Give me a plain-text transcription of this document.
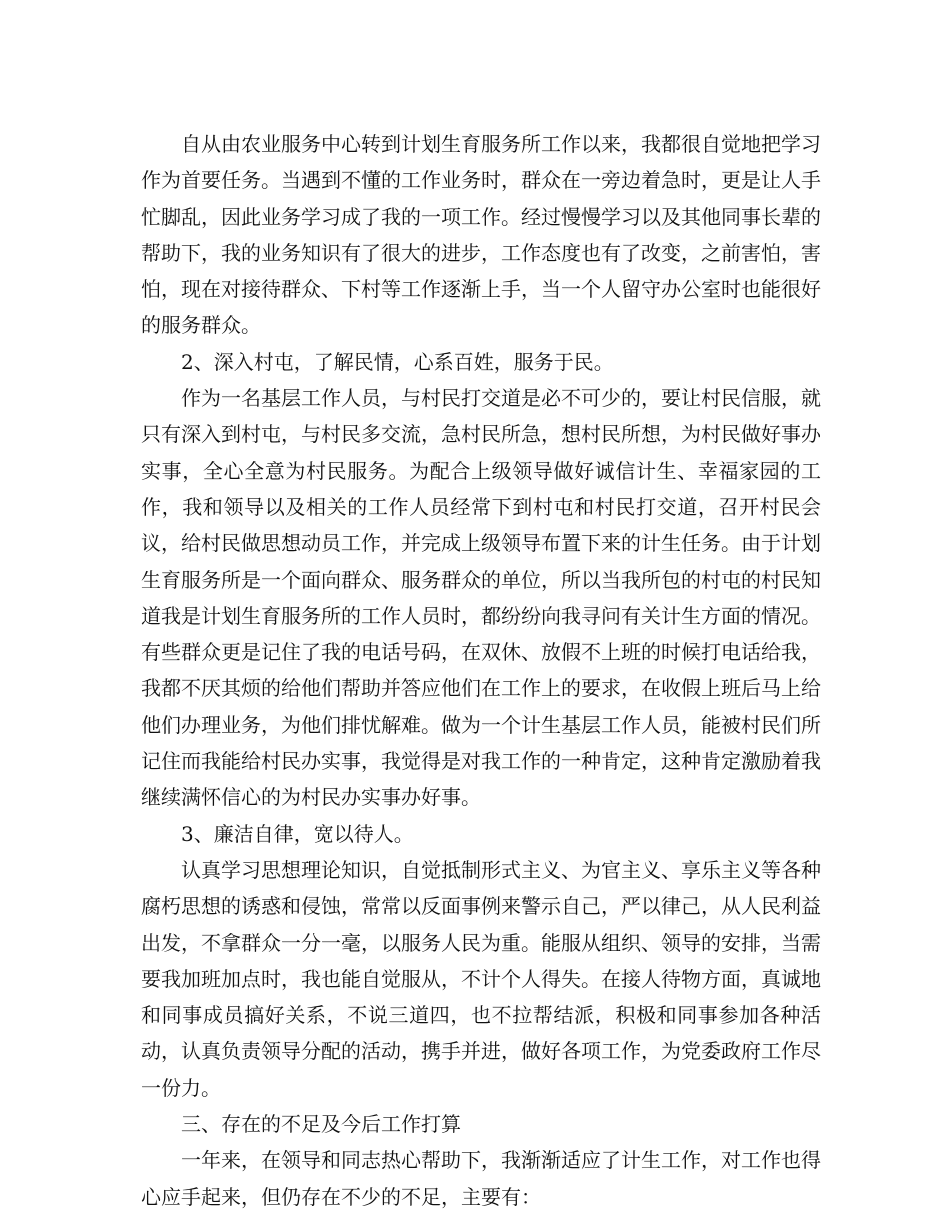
自从由农业服务中心转到计划生育服务所工作以来，我都很自觉地把学习作为首要任务。当遇到不懂的工作业务时，群众在一旁边着急时，更是让人手忙脚乱，因此业务学习成了我的一项工作。经过慢慢学习以及其他同事长辈的帮助下，我的业务知识有了很大的进步，工作态度也有了改变，之前害怕，害怕，现在对接待群众、下村等工作逐渐上手，当一个人留守办公室时也能很好的服务群众。

2、深入村屯，了解民情，心系百姓，服务于民。

作为一名基层工作人员，与村民打交道是必不可少的，要让村民信服，就只有深入到村屯，与村民多交流，急村民所急，想村民所想，为村民做好事办实事，全心全意为村民服务。为配合上级领导做好诚信计生、幸福家园的工作，我和领导以及相关的工作人员经常下到村屯和村民打交道，召开村民会议，给村民做思想动员工作，并完成上级领导布置下来的计生任务。由于计划生育服务所是一个面向群众、服务群众的单位，所以当我所包的村屯的村民知道我是计划生育服务所的工作人员时，都纷纷向我寻问有关计生方面的情况。有些群众更是记住了我的电话号码，在双休、放假不上班的时候打电话给我，我都不厌其烦的给他们帮助并答应他们在工作上的要求，在收假上班后马上给他们办理业务，为他们排忧解难。做为一个计生基层工作人员，能被村民们所记住而我能给村民办实事，我觉得是对我工作的一种肯定，这种肯定激励着我继续满怀信心的为村民办实事办好事。

3、廉洁自律，宽以待人。

认真学习思想理论知识，自觉抵制形式主义、为官主义、享乐主义等各种腐朽思想的诱惑和侵蚀，常常以反面事例来警示自己，严以律己，从人民利益出发，不拿群众一分一毫，以服务人民为重。能服从组织、领导的安排，当需要我加班加点时，我也能自觉服从，不计个人得失。在接人待物方面，真诚地和同事成员搞好关系，不说三道四，也不拉帮结派，积极和同事参加各种活动，认真负责领导分配的活动，携手并进，做好各项工作，为党委政府工作尽一份力。

三、存在的不足及今后工作打算

一年来，在领导和同志热心帮助下，我渐渐适应了计生工作，对工作也得心应手起来，但仍存在不少的不足，主要有：
